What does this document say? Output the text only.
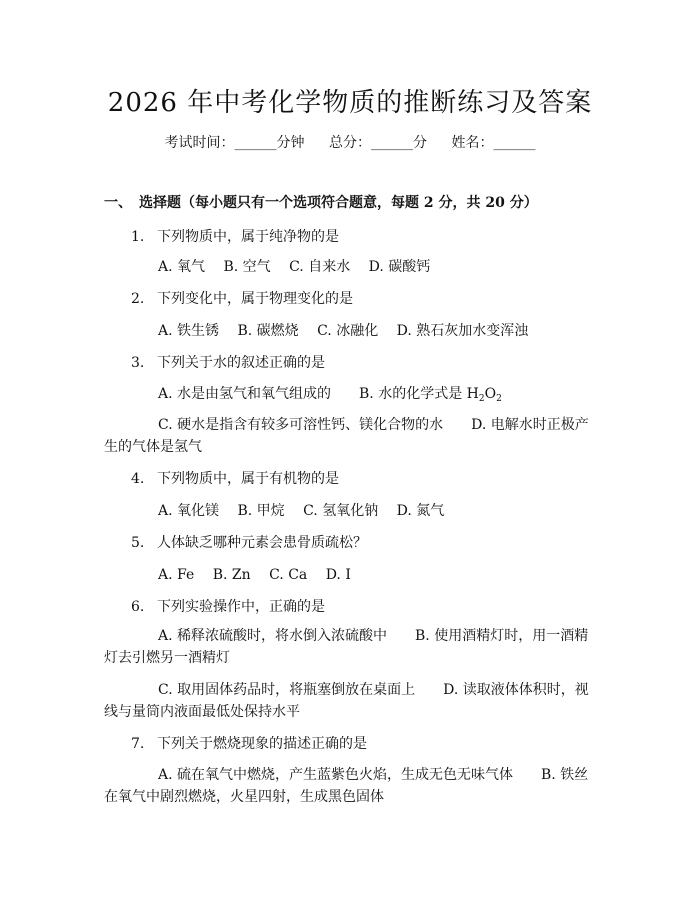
2026 年中考化学物质的推断练习及答案
考试时间：______分钟 总分：______分 姓名：______
一、　选择题（每小题只有一个选项符合题意，每题 2 分，共 20 分）
1. 下列物质中，属于纯净物的是
A. 氧气　 B. 空气　 C. 自来水　 D. 碳酸钙
2. 下列变化中，属于物理变化的是
A. 铁生锈　 B. 碳燃烧　 C. 冰融化　 D. 熟石灰加水变浑浊
3. 下列关于水的叙述正确的是
A. 水是由氢气和氧气组成的　　B. 水的化学式是 $H_2O_2$
C. 硬水是指含有较多可溶性钙、镁化合物的水　　D. 电解水时正极产生的气体是氢气
4. 下列物质中，属于有机物的是
A. 氧化镁　 B. 甲烷　 C. 氢氧化钠　 D. 氮气
5. 人体缺乏哪种元素会患骨质疏松？
A. Fe　 B. Zn　 C. Ca　 D. I
6. 下列实验操作中，正确的是
A. 稀释浓硫酸时，将水倒入浓硫酸中　　B. 使用酒精灯时，用一酒精灯去引燃另一酒精灯
C. 取用固体药品时，将瓶塞倒放在桌面上　　D. 读取液体体积时，视线与量筒内液面最低处保持水平
7. 下列关于燃烧现象的描述正确的是
A. 硫在氧气中燃烧，产生蓝紫色火焰，生成无色无味气体　　B. 铁丝在氧气中剧烈燃烧，火星四射，生成黑色固体
